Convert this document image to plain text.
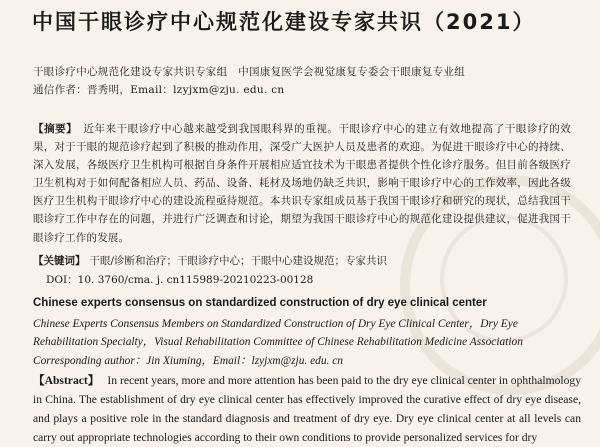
中国干眼诊疗中心规范化建设专家共识（2021）
干眼诊疗中心规范化建设专家共识专家组　中国康复医学会视觉康复专委会干眼康复专业组
通信作者：晋秀明，Email：lzyjxm@zju. edu. cn
【摘要】 近年来干眼诊疗中心越来越受到我国眼科界的重视。干眼诊疗中心的建立有效地提高了干眼诊疗的效果，对于干眼的规范诊疗起到了积极的推动作用，深受广大医护人员及患者的欢迎。为促进干眼诊疗中心的持续、深入发展，各级医疗卫生机构可根据自身条件开展相应适宜技术为干眼患者提供个性化诊疗服务。但目前各级医疗卫生机构对于如何配备相应人员、药品、设备、耗材及场地仍缺乏共识，影响干眼诊疗中心的工作效率，因此各级医疗卫生机构干眼诊疗中心的建设流程亟待规范。本共识专家组成员基于我国干眼诊疗和研究的现状，总结我国干眼诊疗工作中存在的问题，并进行广泛调查和讨论，期望为我国干眼诊疗中心的规范化建设提供建议，促进我国干眼诊疗工作的发展。
【关键词】 干眼/诊断和治疗；干眼诊疗中心；干眼中心建设规范；专家共识
DOI：10. 3760/cma. j. cn115989-20210223-00128
Chinese experts consensus on standardized construction of dry eye clinical center
Chinese Experts Consensus Members on Standardized Construction of Dry Eye Clinical Center，Dry Eye Rehabilitation Specialty，Visual Rehabilitation Committee of Chinese Rehabilitation Medicine Association
Corresponding author：Jin Xiuming，Email：lzyjxm@zju. edu. cn
【Abstract】 In recent years, more and more attention has been paid to the dry eye clinical center in ophthalmology in China. The establishment of dry eye clinical center has effectively improved the curative effect of dry eye disease, and plays a positive role in the standard diagnosis and treatment of dry eye. Dry eye clinical center at all levels can carry out appropriate technologies according to their own conditions to provide personalized services for dry
